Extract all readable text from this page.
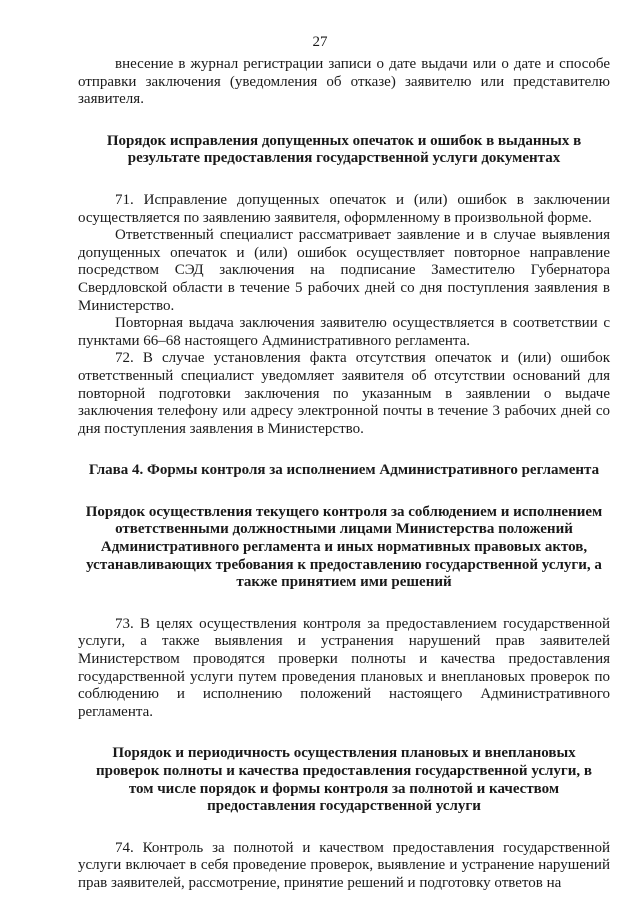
27

внесение в журнал регистрации записи о дате выдачи или о дате и способе отправки заключения (уведомления об отказе) заявителю или представителю заявителя.

Порядок исправления допущенных опечаток и ошибок в выданных в результате предоставления государственной услуги документах

71. Исправление допущенных опечаток и (или) ошибок в заключении осуществляется по заявлению заявителя, оформленному в произвольной форме.

Ответственный специалист рассматривает заявление и в случае выявления допущенных опечаток и (или) ошибок осуществляет повторное направление посредством СЭД заключения на подписание Заместителю Губернатора Свердловской области в течение 5 рабочих дней со дня поступления заявления в Министерство.

Повторная выдача заключения заявителю осуществляется в соответствии с пунктами 66–68 настоящего Административного регламента.

72. В случае установления факта отсутствия опечаток и (или) ошибок ответственный специалист уведомляет заявителя об отсутствии оснований для повторной подготовки заключения по указанным в заявлении о выдаче заключения телефону или адресу электронной почты в течение 3 рабочих дней со дня поступления заявления в Министерство.

Глава 4. Формы контроля за исполнением Административного регламента

Порядок осуществления текущего контроля за соблюдением и исполнением ответственными должностными лицами Министерства положений Административного регламента и иных нормативных правовых актов, устанавливающих требования к предоставлению государственной услуги, а также принятием ими решений

73. В целях осуществления контроля за предоставлением государственной услуги, а также выявления и устранения нарушений прав заявителей Министерством проводятся проверки полноты и качества предоставления государственной услуги путем проведения плановых и внеплановых проверок по соблюдению и исполнению положений настоящего Административного регламента.

Порядок и периодичность осуществления плановых и внеплановых проверок полноты и качества предоставления государственной услуги, в том числе порядок и формы контроля за полнотой и качеством предоставления государственной услуги

74. Контроль за полнотой и качеством предоставления государственной услуги включает в себя проведение проверок, выявление и устранение нарушений прав заявителей, рассмотрение, принятие решений и подготовку ответов на
